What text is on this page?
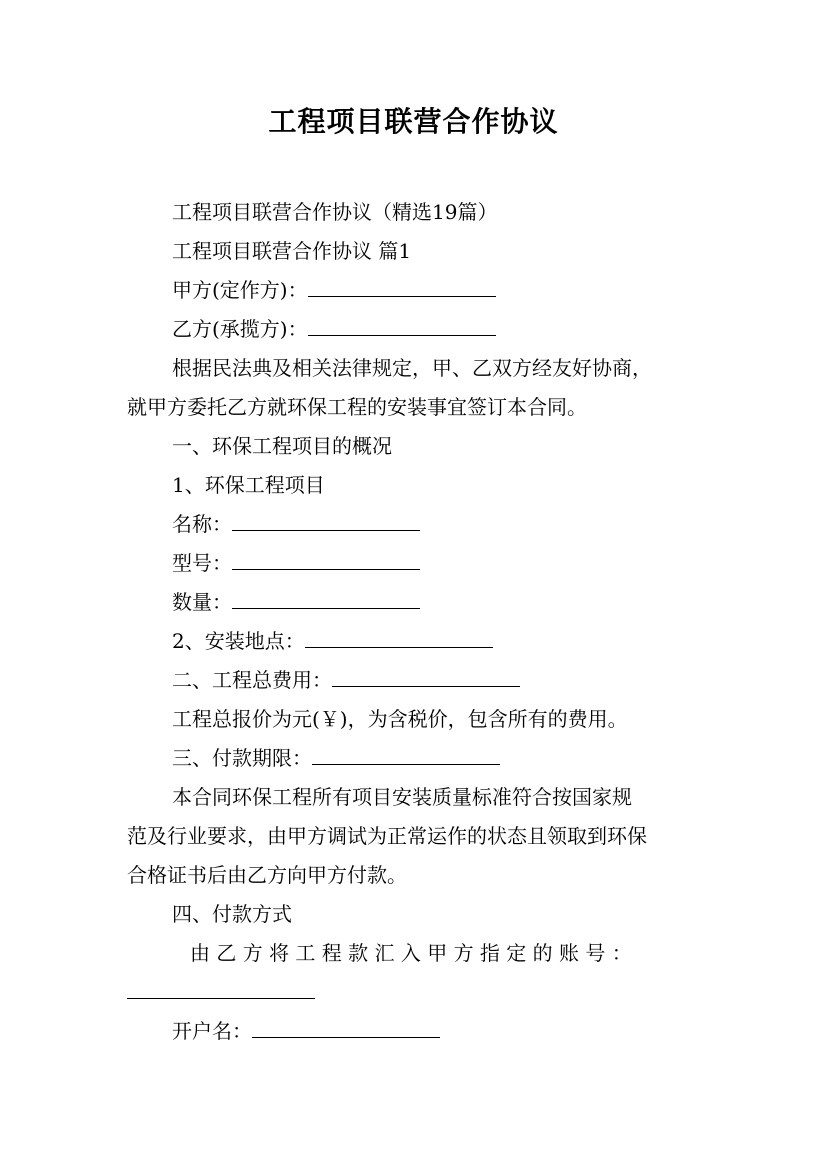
工程项目联营合作协议
工程项目联营合作协议（精选19篇）
工程项目联营合作协议 篇1
甲方(定作方)：
乙方(承揽方)：
根据民法典及相关法律规定，甲、乙双方经友好协商，
就甲方委托乙方就环保工程的安装事宜签订本合同。
一、环保工程项目的概况
1、环保工程项目
名称：
型号：
数量：
2、安装地点：
二、工程总费用：
工程总报价为元(￥)，为含税价，包含所有的费用。
三、付款期限：
本合同环保工程所有项目安装质量标准符合按国家规
范及行业要求，由甲方调试为正常运作的状态且领取到环保
合格证书后由乙方向甲方付款。
四、付款方式
由 乙 方 将 工 程 款 汇 入 甲 方 指 定 的 账 号 ：
开户名：
